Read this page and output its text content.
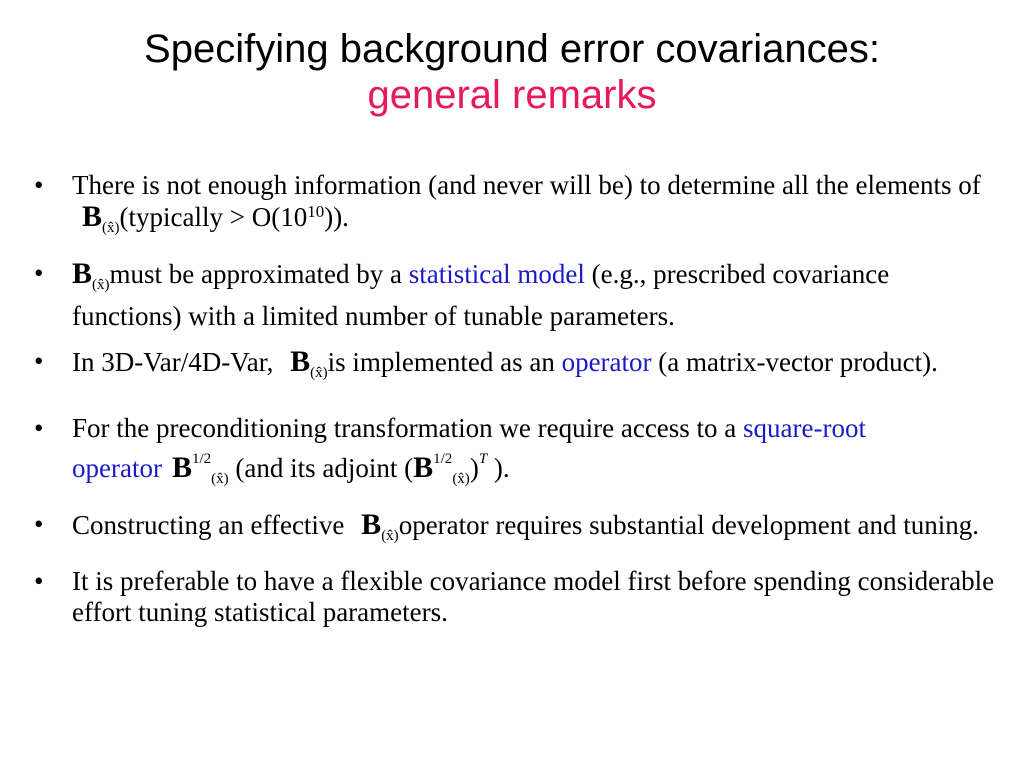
Specifying background error covariances:
general remarks
• There is not enough information (and never will be) to determine all the elements of $B_{(x̂)}(typically > O(10^{10}))$.
• $B_{(x̂)}must$ be approximated by a statistical model (e.g., prescribed covariance functions) with a limited number of tunable parameters.
• In 3D-Var/4D-Var, $B_{(x̂)}is$ implemented as an operator (a matrix-vector product).
• For the preconditioning transformation we require access to a square-root operator $B^{1/2}_{(x̂)}$ (and its adjoint $(B^{1/2}_{(x̂)})^T$ ).
• Constructing an effective $B_{(x̂)}operator$ requires substantial development and tuning.
• It is preferable to have a flexible covariance model first before spending considerable effort tuning statistical parameters.
